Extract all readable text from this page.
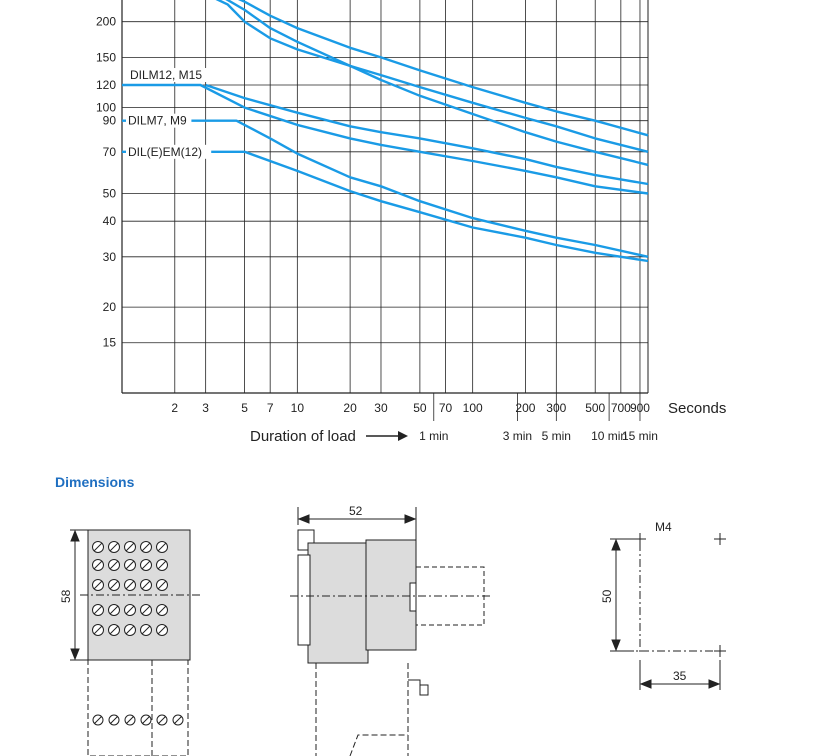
15
20
30
40
50
70
90
100
120
150
200
2 3	5 7 10	20 30 50 70 100	200 300 500 700 900
1 min	3 min 5 min 10 min
15 min
DILM12, M15
DILM7, M9
DIL(E)EM(12)
Seconds
Duration of load
Dimensions
58
52
M4
50
35
